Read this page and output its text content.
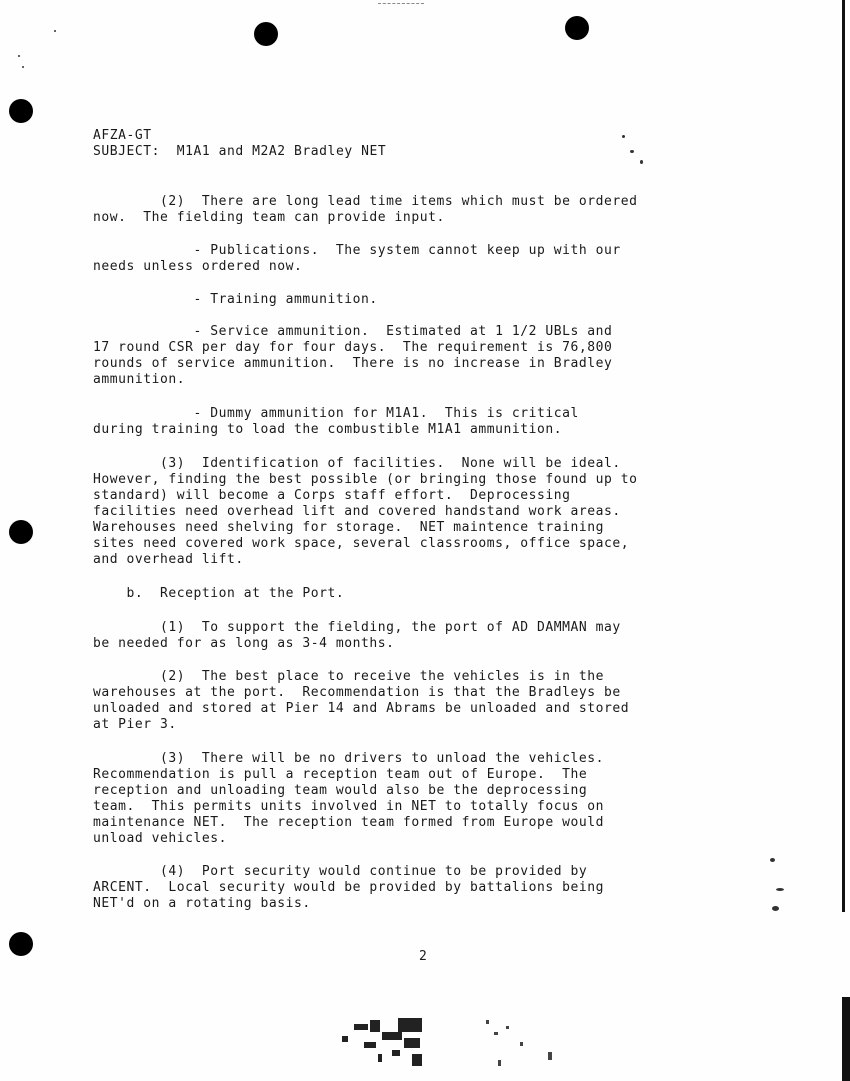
AFZA-GT
SUBJECT: M1A1 and M2A2 Bradley NET
(2)  There are long lead time items which must be ordered
now.  The fielding team can provide input.
- Publications.  The system cannot keep up with our
needs unless ordered now.
- Training ammunition.
- Service ammunition.  Estimated at 1 1/2 UBLs and
17 round CSR per day for four days.  The requirement is 76,800
rounds of service ammunition.  There is no increase in Bradley
ammunition.
- Dummy ammunition for M1A1.  This is critical
during training to load the combustible M1A1 ammunition.
(3)  Identification of facilities.  None will be ideal.
However, finding the best possible (or bringing those found up to
standard) will become a Corps staff effort.  Deprocessing
facilities need overhead lift and covered handstand work areas.
Warehouses need shelving for storage.  NET maintence training
sites need covered work space, several classrooms, office space,
and overhead lift.
b.  Reception at the Port.
(1)  To support the fielding, the port of AD DAMMAN may
be needed for as long as 3-4 months.
(2)  The best place to receive the vehicles is in the
warehouses at the port.  Recommendation is that the Bradleys be
unloaded and stored at Pier 14 and Abrams be unloaded and stored
at Pier 3.
(3)  There will be no drivers to unload the vehicles.
Recommendation is pull a reception team out of Europe.  The
reception and unloading team would also be the deprocessing
team.  This permits units involved in NET to totally focus on
maintenance NET.  The reception team formed from Europe would
unload vehicles.
(4)  Port security would continue to be provided by
ARCENT.  Local security would be provided by battalions being
NET'd on a rotating basis.
2
